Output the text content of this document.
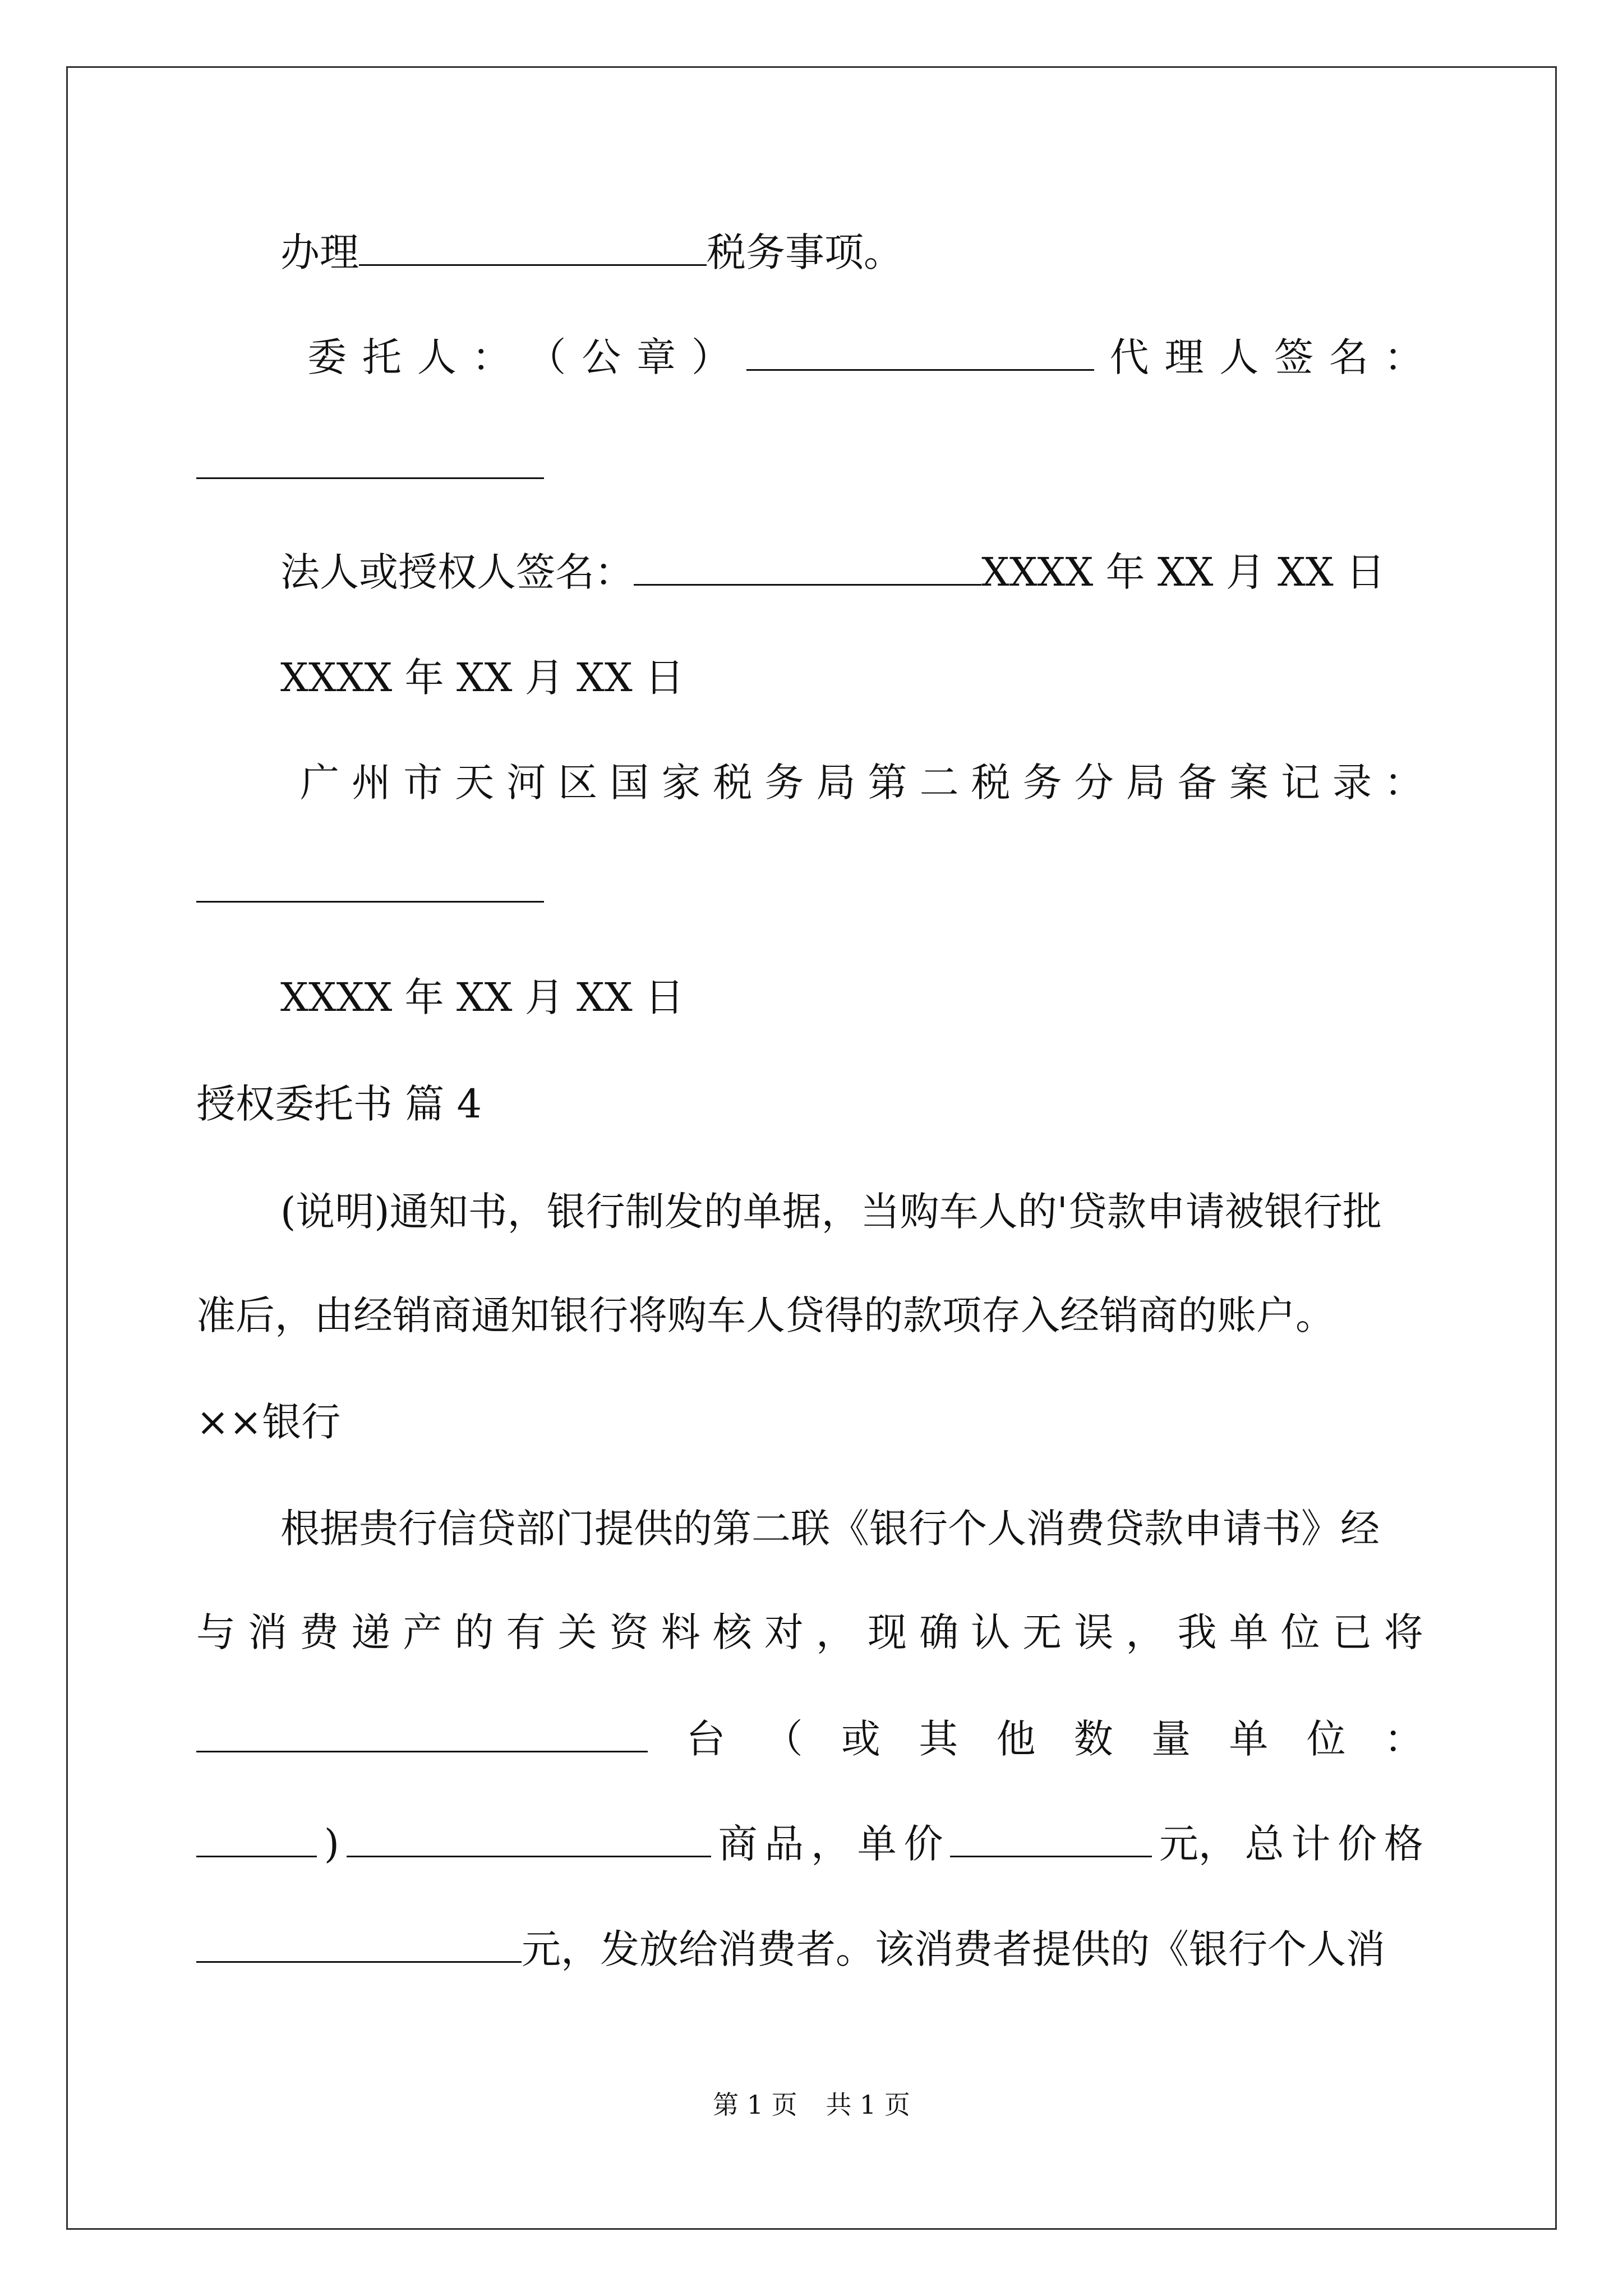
办理	税务事项。
委 托 人 ： （ 公 章 ）	代 理 人 签 名 ：
法人或授权人签名：	XXXX 年 XX 月 XX 日
XXXX 年 XX 月 XX 日
广 州 市 天 河 区 国 家 税 务 局 第 二 税 务 分 局 备 案 记 录 ：
XXXX 年 XX 月 XX 日
授权委托书 篇 4
(说明)通知书，银行制发的单据，当购车人的'贷款申请被银行批
准后，由经销商通知银行将购车人贷得的款项存入经销商的账户。
××银行
根据贵行信贷部门提供的第二联《银行个人消费贷款申请书》经
与 消 费 递 产 的 有 关 资 料 核 对 ， 现 确 认 无 误 ， 我 单 位 已 将
台 （ 或 其 他 数 量 单 位 ：
)	商 品 ， 单 价	元， 总 计 价 格
元，发放给消费者。该消费者提供的《银行个人消
第 1 页 共 1 页
